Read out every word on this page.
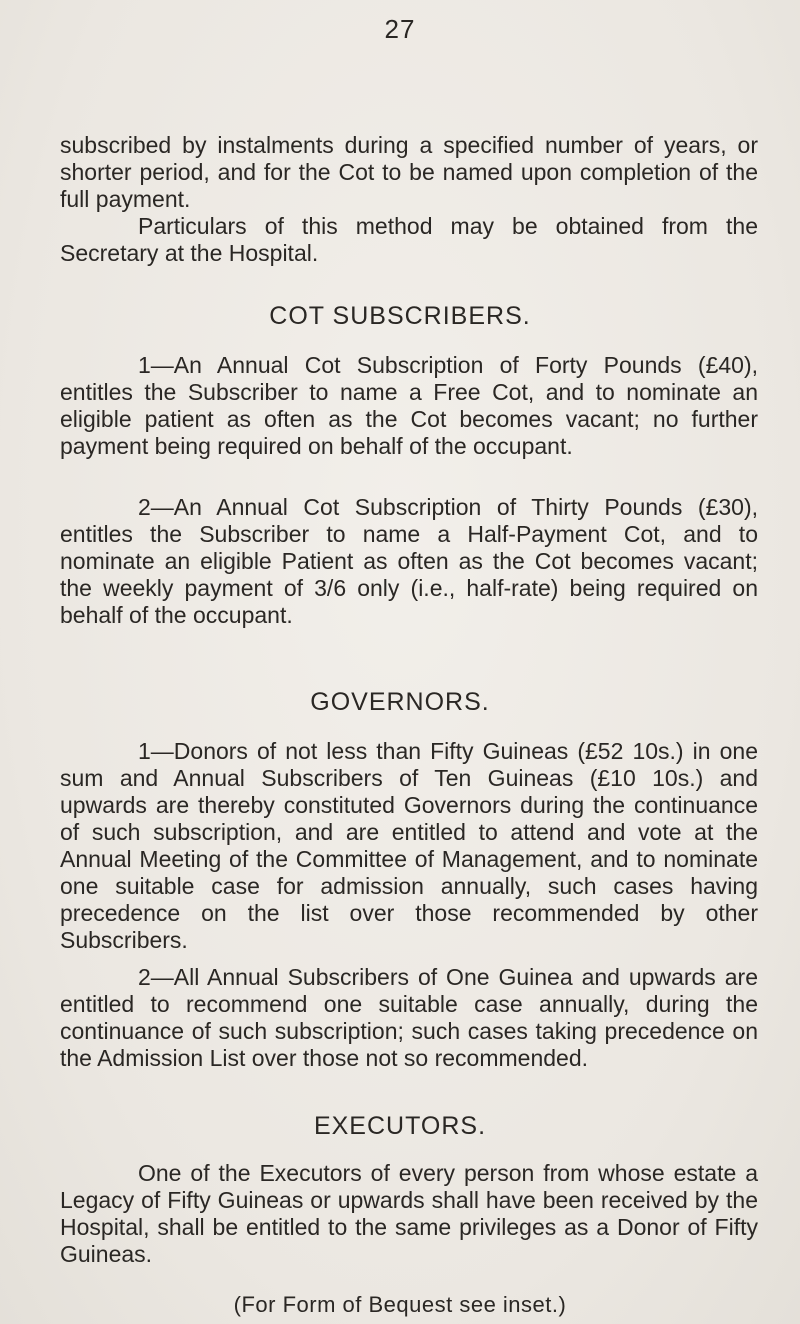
27

subscribed by instalments during a specified number of years, or shorter period, and for the Cot to be named upon completion of the full payment.

Particulars of this method may be obtained from the Secretary at the Hospital.

COT SUBSCRIBERS.

1—An Annual Cot Subscription of Forty Pounds (£40), entitles the Subscriber to name a Free Cot, and to nominate an eligible patient as often as the Cot becomes vacant; no further payment being required on behalf of the occupant.

2—An Annual Cot Subscription of Thirty Pounds (£30), entitles the Subscriber to name a Half-Payment Cot, and to nominate an eligible Patient as often as the Cot becomes vacant; the weekly payment of 3/6 only (i.e., half-rate) being required on behalf of the occupant.

GOVERNORS.

1—Donors of not less than Fifty Guineas (£52 10s.) in one sum and Annual Subscribers of Ten Guineas (£10 10s.) and upwards are thereby constituted Governors during the continuance of such subscription, and are entitled to attend and vote at the Annual Meeting of the Committee of Management, and to nominate one suitable case for admission annually, such cases having precedence on the list over those recommended by other Subscribers.

2—All Annual Subscribers of One Guinea and upwards are entitled to recommend one suitable case annually, during the continuance of such subscription; such cases taking precedence on the Admission List over those not so recommended.

EXECUTORS.

One of the Executors of every person from whose estate a Legacy of Fifty Guineas or upwards shall have been received by the Hospital, shall be entitled to the same privileges as a Donor of Fifty Guineas.

(For Form of Bequest see inset.)
